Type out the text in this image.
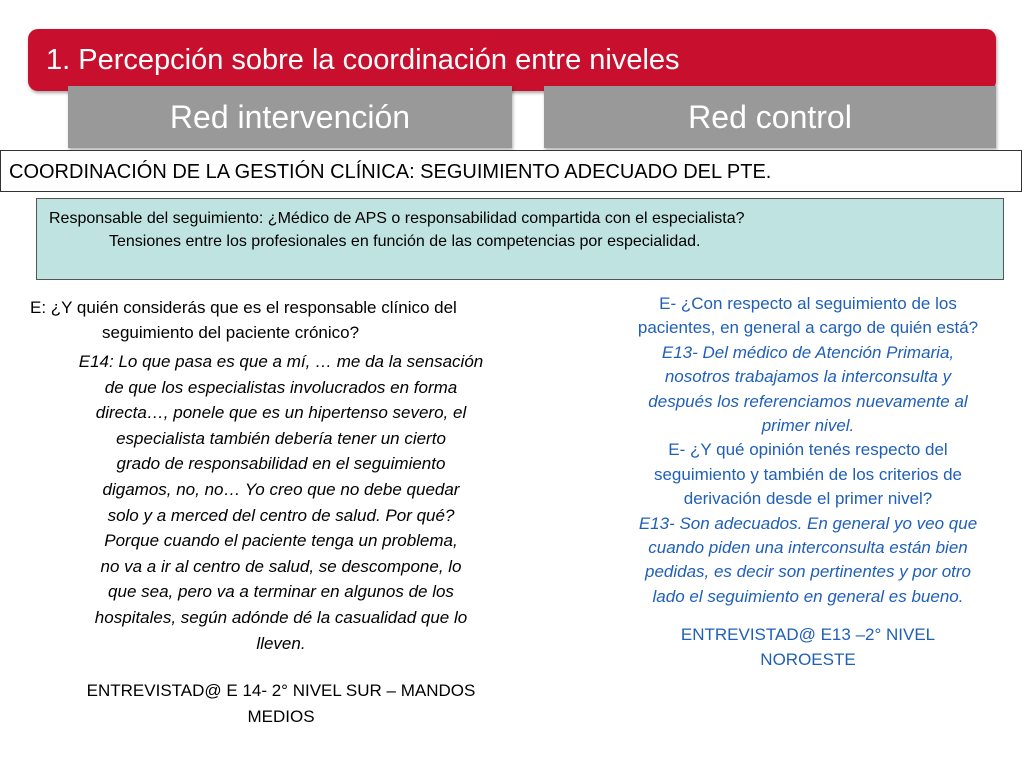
1. Percepción sobre la coordinación entre niveles
Red intervención	Red control
COORDINACIÓN DE LA GESTIÓN CLÍNICA: SEGUIMIENTO ADECUADO DEL PTE.
Responsable del seguimiento: ¿Médico de APS o responsabilidad compartida con el especialista?
Tensiones entre los profesionales en función de las competencias por especialidad.

E: ¿Y quién considerás que es el responsable clínico del seguimiento del paciente crónico?

E14: Lo que pasa es que a mí, … me da la sensación
de que los especialistas involucrados en forma
directa…, ponele que es un hipertenso severo, el
especialista también debería tener un cierto
grado de responsabilidad en el seguimiento
digamos, no, no… Yo creo que no debe quedar
solo y a merced del centro de salud. Por qué?
Porque cuando el paciente tenga un problema,
no va a ir al centro de salud, se descompone, lo
que sea, pero va a terminar en algunos de los
hospitales, según adónde dé la casualidad que lo
lleven.
ENTREVISTAD@ E 14- 2° NIVEL SUR – MANDOS
MEDIOS

E- ¿Con respecto al seguimiento de los
pacientes, en general a cargo de quién está?

E13- Del médico de Atención Primaria,
nosotros trabajamos la interconsulta y
después los referenciamos nuevamente al
primer nivel.

E- ¿Y qué opinión tenés respecto del
seguimiento y también de los criterios de
derivación desde el primer nivel?

E13- Son adecuados. En general yo veo que
cuando piden una interconsulta están bien
pedidas, es decir son pertinentes y por otro
lado el seguimiento en general es bueno.

ENTREVISTAD@ E13 –2° NIVEL
NOROESTE
